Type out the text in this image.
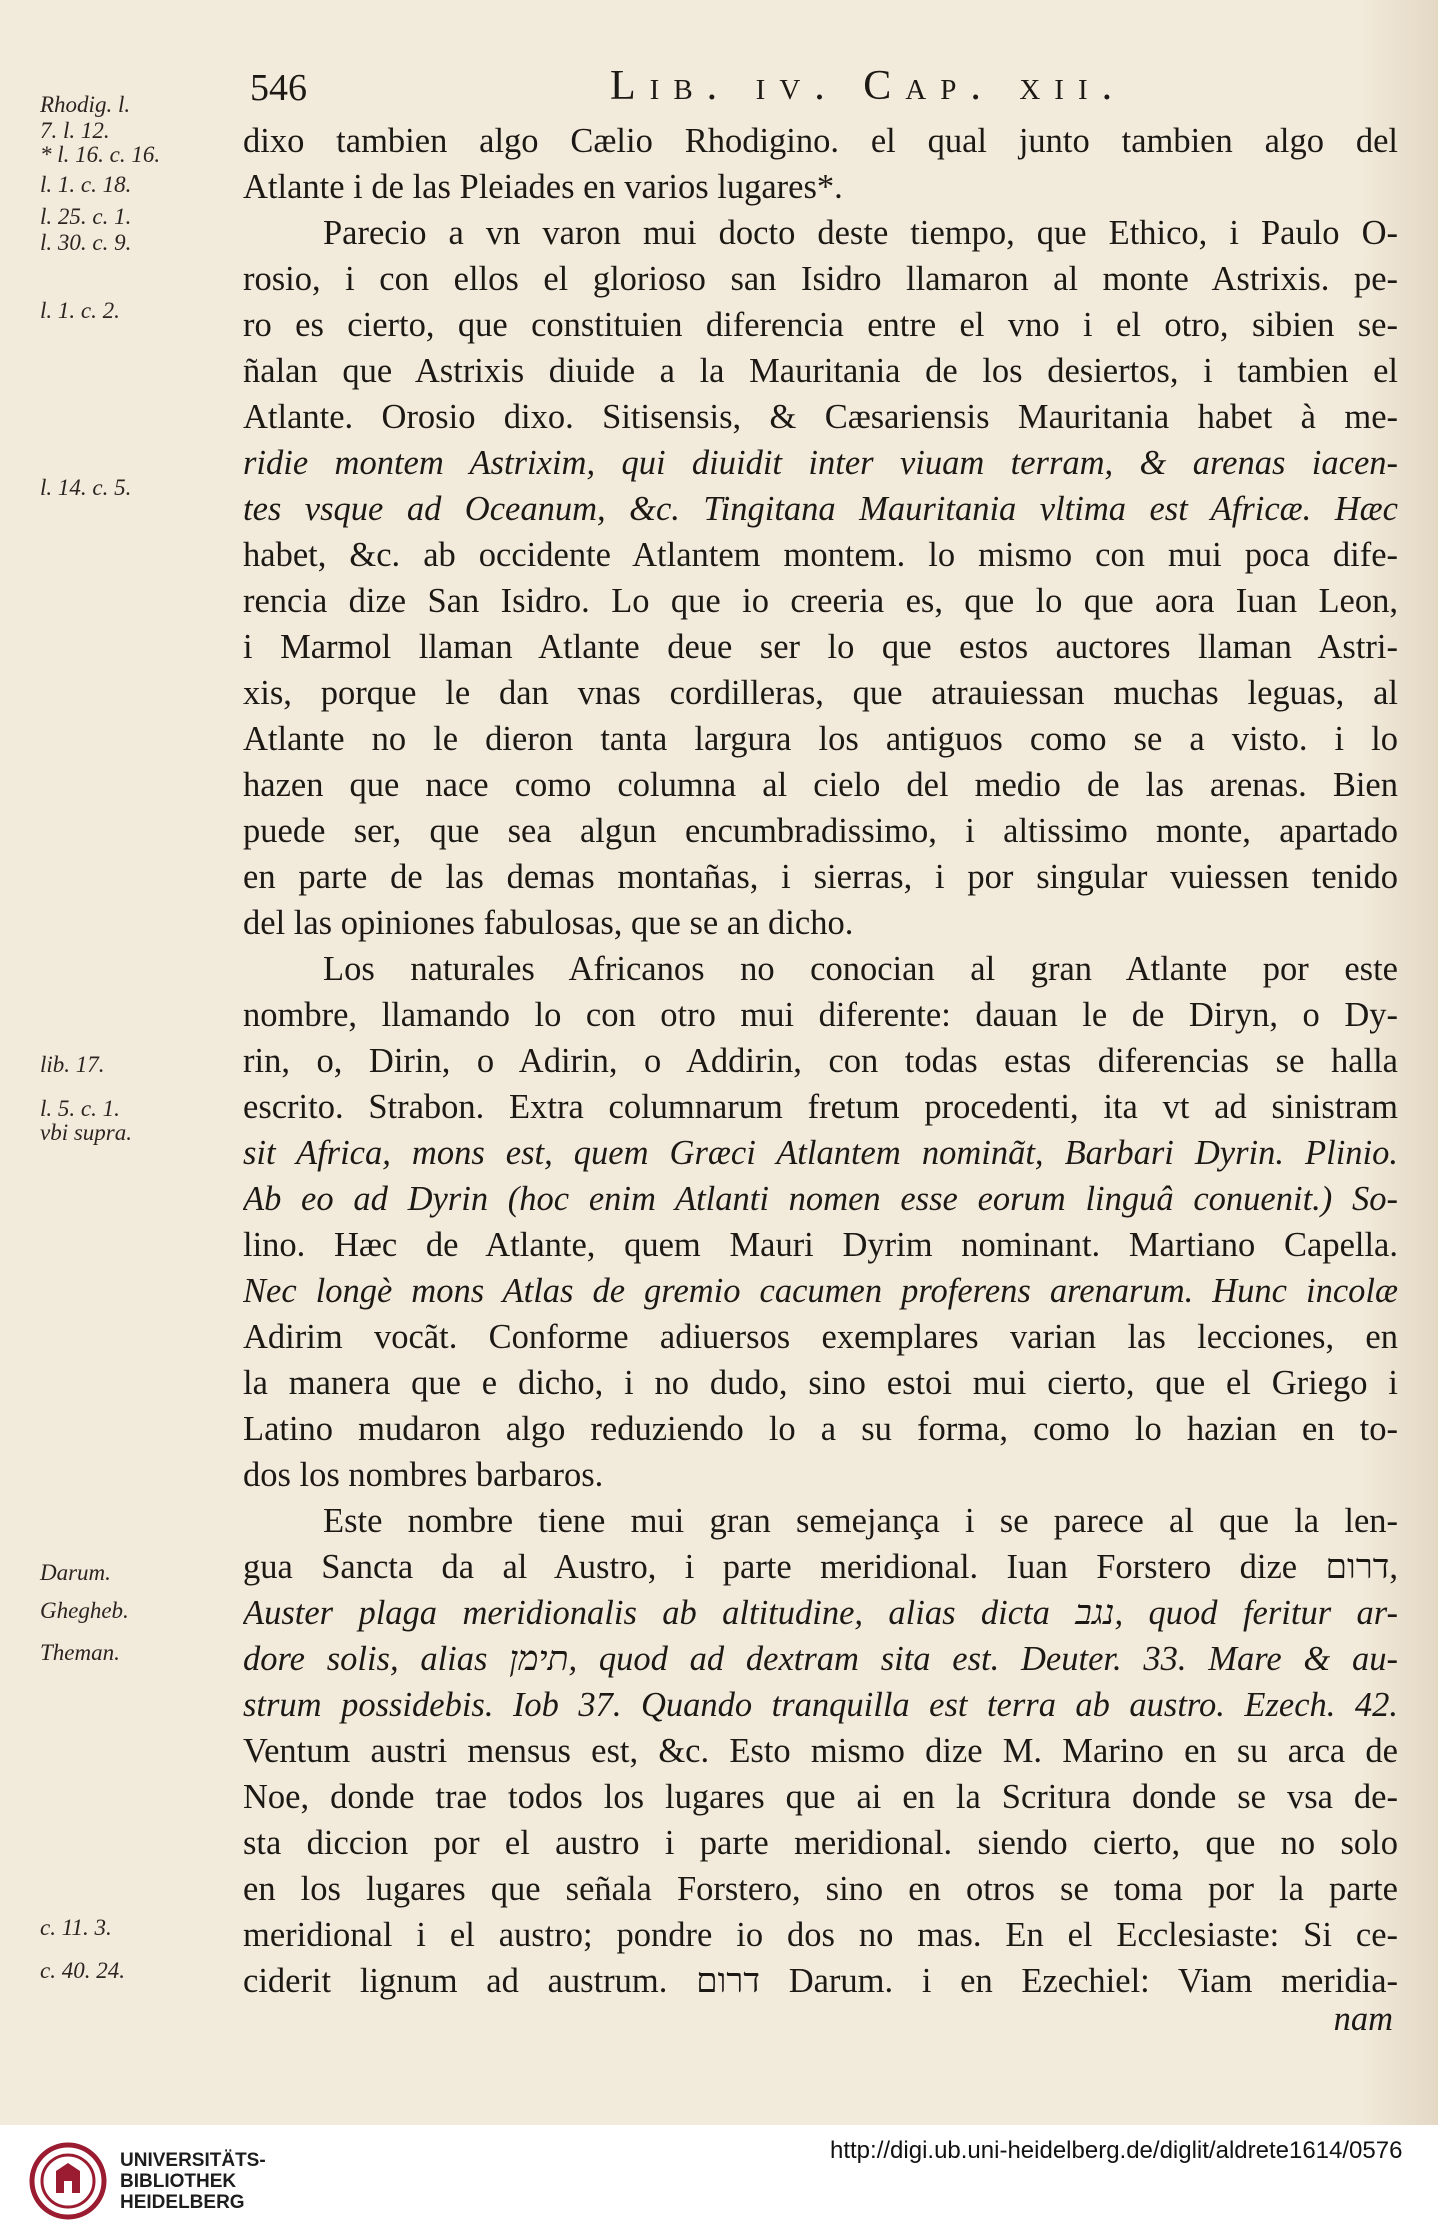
546	Lib. iv. Cap. xii.
Rhodig. l.
7. l. 12.
* l. 16. c. 16.
l. 1. c. 18.
l. 25. c. 1.
l. 30. c. 9.
l. 1. c. 2.
l. 14. c. 5.
lib. 17.
l. 5. c. 1.
vbi supra.
Darum.
Ghegheb.
Theman.
c. 11. 3.
c. 40. 24.
dixo tambien algo Cælio Rhodigino. el qual junto tambien algo del
Atlante i de las Pleiades en varios lugares*.
Parecio a vn varon mui docto deste tiempo, que Ethico, i Paulo O-
rosio, i con ellos el glorioso san Isidro llamaron al monte Astrixis. pe-
ro es cierto, que constituien diferencia entre el vno i el otro, sibien se-
ñalan que Astrixis diuide a la Mauritania de los desiertos, i tambien el
Atlante. Orosio dixo. Sitisensis, & Cæsariensis Mauritania habet à me-
ridie montem Astrixim, qui diuidit inter viuam terram, & arenas iacen-
tes vsque ad Oceanum, &c. Tingitana Mauritania vltima est Africæ. Hæc
habet, &c. ab occidente Atlantem montem. lo mismo con mui poca dife-
rencia dize San Isidro. Lo que io creeria es, que lo que aora Iuan Leon,
i Marmol llaman Atlante deue ser lo que estos auctores llaman Astri-
xis, porque le dan vnas cordilleras, que atrauiessan muchas leguas, al
Atlante no le dieron tanta largura los antiguos como se a visto. i lo
hazen que nace como columna al cielo del medio de las arenas. Bien
puede ser, que sea algun encumbradissimo, i altissimo monte, apartado
en parte de las demas montañas, i sierras, i por singular vuiessen tenido
del las opiniones fabulosas, que se an dicho.
Los naturales Africanos no conocian al gran Atlante por este
nombre, llamando lo con otro mui diferente: dauan le de Diryn, o Dy-
rin, o, Dirin, o Adirin, o Addirin, con todas estas diferencias se halla
escrito. Strabon. Extra columnarum fretum procedenti, ita vt ad sinistram
sit Africa, mons est, quem Græci Atlantem nominãt, Barbari Dyrin. Plinio.
Ab eo ad Dyrin (hoc enim Atlanti nomen esse eorum linguâ conuenit.) So-
lino. Hæc de Atlante, quem Mauri Dyrim nominant. Martiano Capella.
Nec longè mons Atlas de gremio cacumen proferens arenarum. Hunc incolæ
Adirim vocãt. Conforme adiuersos exemplares varian las lecciones, en
la manera que e dicho, i no dudo, sino estoi mui cierto, que el Griego i
Latino mudaron algo reduziendo lo a su forma, como lo hazian en to-
dos los nombres barbaros.
Este nombre tiene mui gran semejança i se parece al que la len-
gua Sancta da al Austro, i parte meridional. Iuan Forstero dize דרום,
Auster plaga meridionalis ab altitudine, alias dicta נגב, quod feritur ar-
dore solis, alias תימן, quod ad dextram sita est. Deuter. 33. Mare & au-
strum possidebis. Iob 37. Quando tranquilla est terra ab austro. Ezech. 42.
Ventum austri mensus est, &c. Esto mismo dize M. Marino en su arca de
Noe, donde trae todos los lugares que ai en la Scritura donde se vsa de-
sta diccion por el austro i parte meridional. siendo cierto, que no solo
en los lugares que señala Forstero, sino en otros se toma por la parte
meridional i el austro; pondre io dos no mas. En el Ecclesiaste: Si ce-
ciderit lignum ad austrum. דרום Darum. i en Ezechiel: Viam meridia-
nam
UNIVERSITÄTS-
BIBLIOTHEK
HEIDELBERG
http://digi.ub.uni-heidelberg.de/diglit/aldrete1614/0576
